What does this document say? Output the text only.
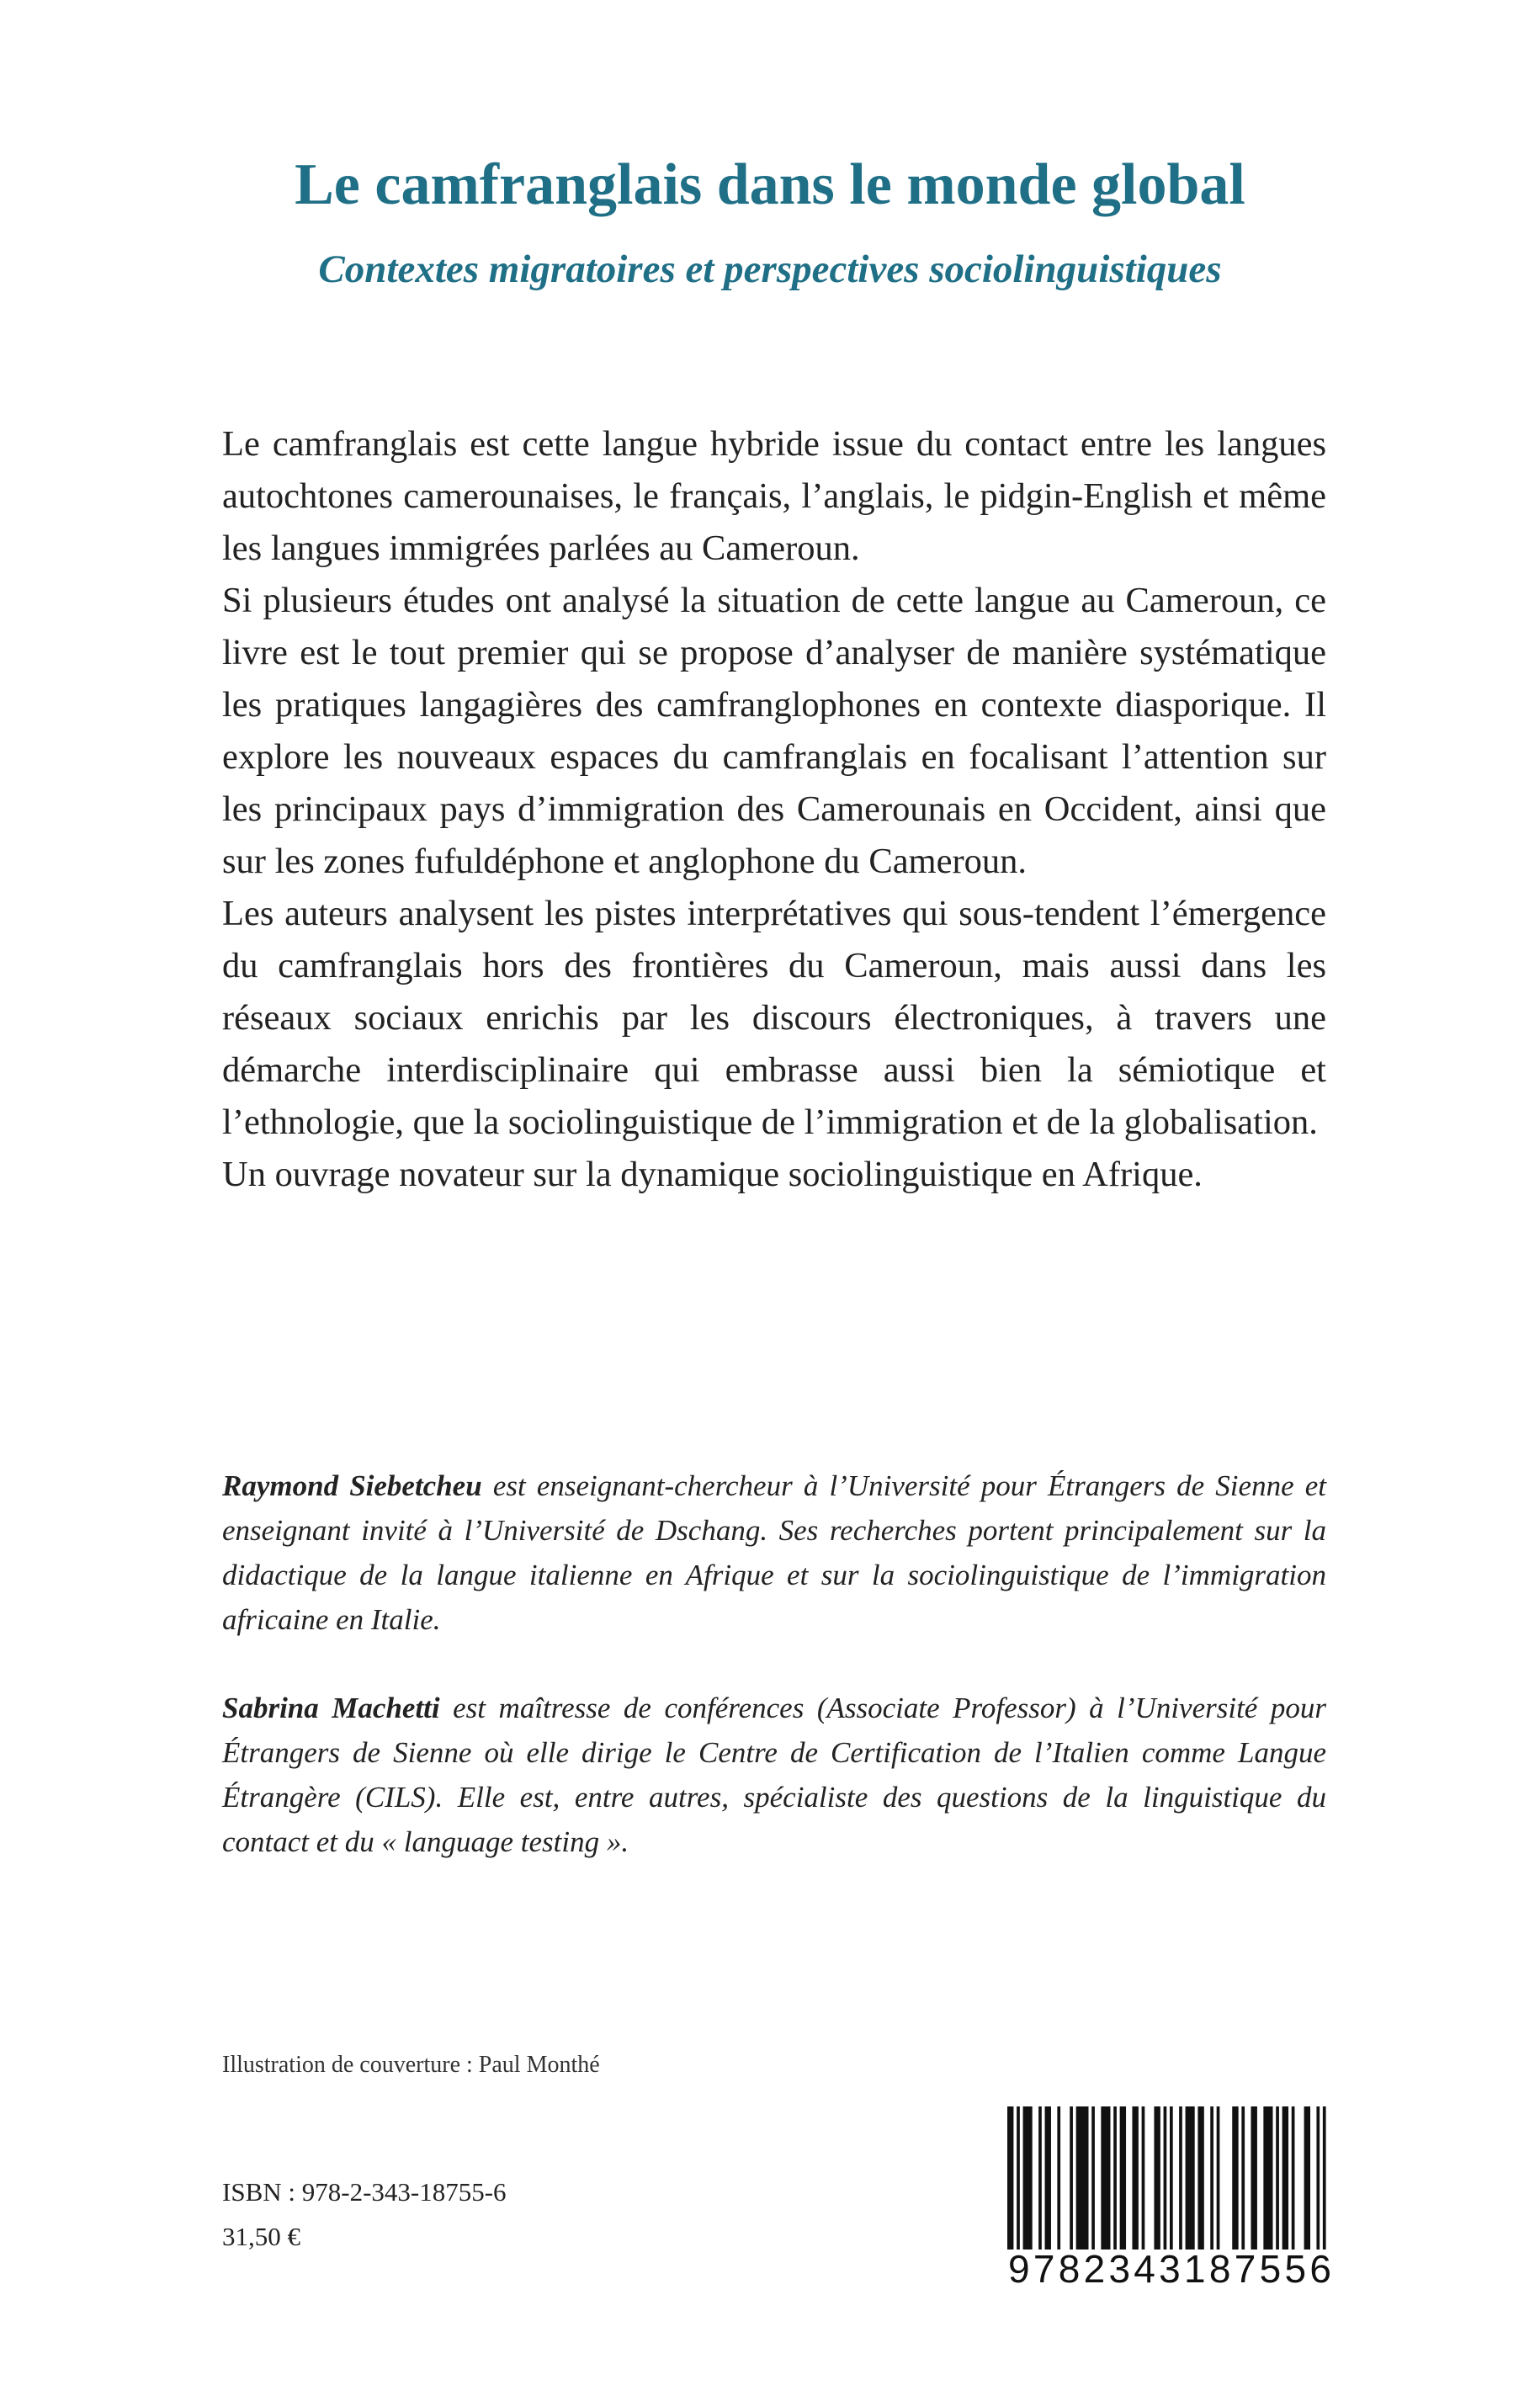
Le camfranglais dans le monde global
Contextes migratoires et perspectives sociolinguistiques

Le camfranglais est cette langue hybride issue du contact entre les langues autochtones camerounaises, le français, l’anglais, le pidgin-English et même les langues immigrées parlées au Cameroun.

Si plusieurs études ont analysé la situation de cette langue au Cameroun, ce livre est le tout premier qui se propose d’analyser de manière systématique les pratiques langagières des camfranglophones en contexte diasporique. Il explore les nouveaux espaces du camfranglais en focalisant l’attention sur les principaux pays d’immigration des Camerounais en Occident, ainsi que sur les zones fufuldéphone et anglophone du Cameroun.

Les auteurs analysent les pistes interprétatives qui sous-tendent l’émergence du camfranglais hors des frontières du Cameroun, mais aussi dans les réseaux sociaux enrichis par les discours électroniques, à travers une démarche interdisciplinaire qui embrasse aussi bien la sémiotique et l’ethnologie, que la sociolinguistique de l’immigration et de la globalisation.

Un ouvrage novateur sur la dynamique sociolinguistique en Afrique.

Raymond Siebetcheu est enseignant-chercheur à l’Université pour Étrangers de Sienne et enseignant invité à l’Université de Dschang. Ses recherches portent principalement sur la didactique de la langue italienne en Afrique et sur la sociolinguistique de l’immigration africaine en Italie.

Sabrina Machetti est maîtresse de conférences (Associate Professor) à l’Université pour Étrangers de Sienne où elle dirige le Centre de Certification de l’Italien comme Langue Étrangère (CILS). Elle est, entre autres, spécialiste des questions de la linguistique du contact et du « language testing ».

Illustration de couverture : Paul Monthé
ISBN : 978-2-343-18755-6
31,50 €
9 7 8 2 3 4 3 1 8 7 5 5 6
